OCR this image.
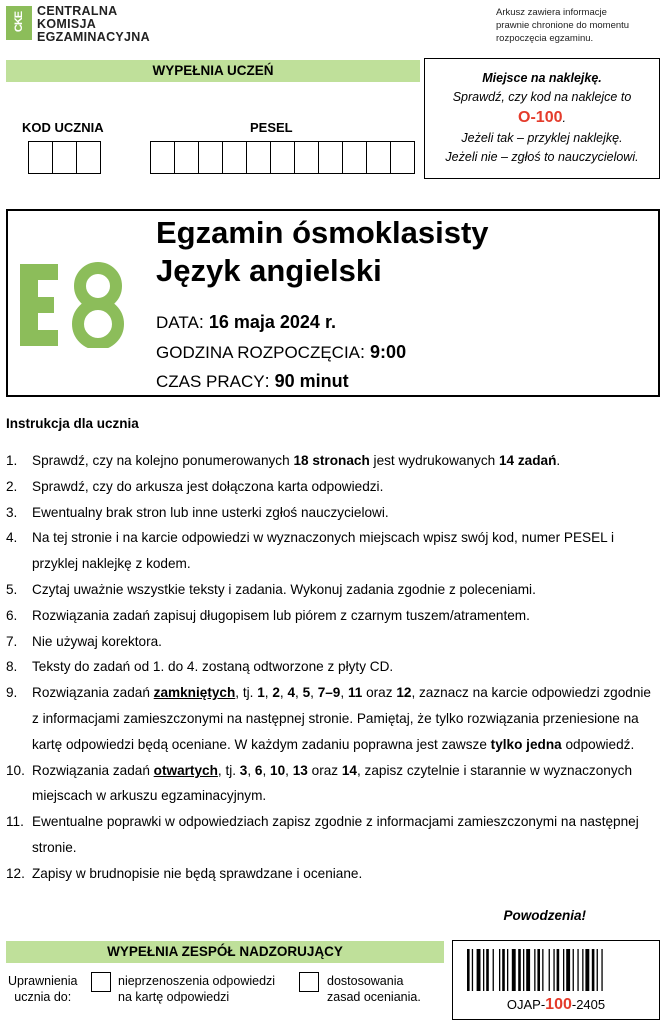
CKE
CENTRALNA
KOMISJA
EGZAMINACYJNA
Arkusz zawiera informacje
prawnie chronione do momentu
rozpoczęcia egzaminu.
WYPEŁNIA UCZEŃ
KOD UCZNIA	PESEL
Miejsce na naklejkę.
Sprawdź, czy kod na naklejce to
O-100.
Jeżeli tak – przyklej naklejkę.
Jeżeli nie – zgłoś to nauczycielowi.
Egzamin ósmoklasisty
Język angielski
DATA: 16 maja 2024 r.
GODZINA ROZPOCZĘCIA: 9:00
CZAS PRACY: 90 minut
Instrukcja dla ucznia
1.	Sprawdź, czy na kolejno ponumerowanych 18 stronach jest wydrukowanych 14 zadań.
2.	Sprawdź, czy do arkusza jest dołączona karta odpowiedzi.
3.	Ewentualny brak stron lub inne usterki zgłoś nauczycielowi.
4.	Na tej stronie i na karcie odpowiedzi w wyznaczonych miejscach wpisz swój kod, numer PESEL i przyklej naklejkę z kodem.
5.	Czytaj uważnie wszystkie teksty i zadania. Wykonuj zadania zgodnie z poleceniami.
6.	Rozwiązania zadań zapisuj długopisem lub piórem z czarnym tuszem/atramentem.
7.	Nie używaj korektora.
8.	Teksty do zadań od 1. do 4. zostaną odtworzone z płyty CD.
9.	Rozwiązania zadań zamkniętych, tj. 1, 2, 4, 5, 7–9, 11 oraz 12, zaznacz na karcie odpowiedzi zgodnie z informacjami zamieszczonymi na następnej stronie. Pamiętaj, że tylko rozwiązania przeniesione na kartę odpowiedzi będą oceniane. W każdym zadaniu poprawna jest zawsze tylko jedna odpowiedź.
10. Rozwiązania zadań otwartych, tj. 3, 6, 10, 13 oraz 14, zapisz czytelnie i starannie w wyznaczonych miejscach w arkuszu egzaminacyjnym.
11. Ewentualne poprawki w odpowiedziach zapisz zgodnie z informacjami zamieszczonymi na następnej stronie.
12. Zapisy w brudnopisie nie będą sprawdzane i oceniane.
Powodzenia!
WYPEŁNIA ZESPÓŁ NADZORUJĄCY
Uprawnienia
ucznia do:
nieprzenoszenia odpowiedzi
na kartę odpowiedzi
dostosowania
zasad oceniania.	OJAP-100-2405
